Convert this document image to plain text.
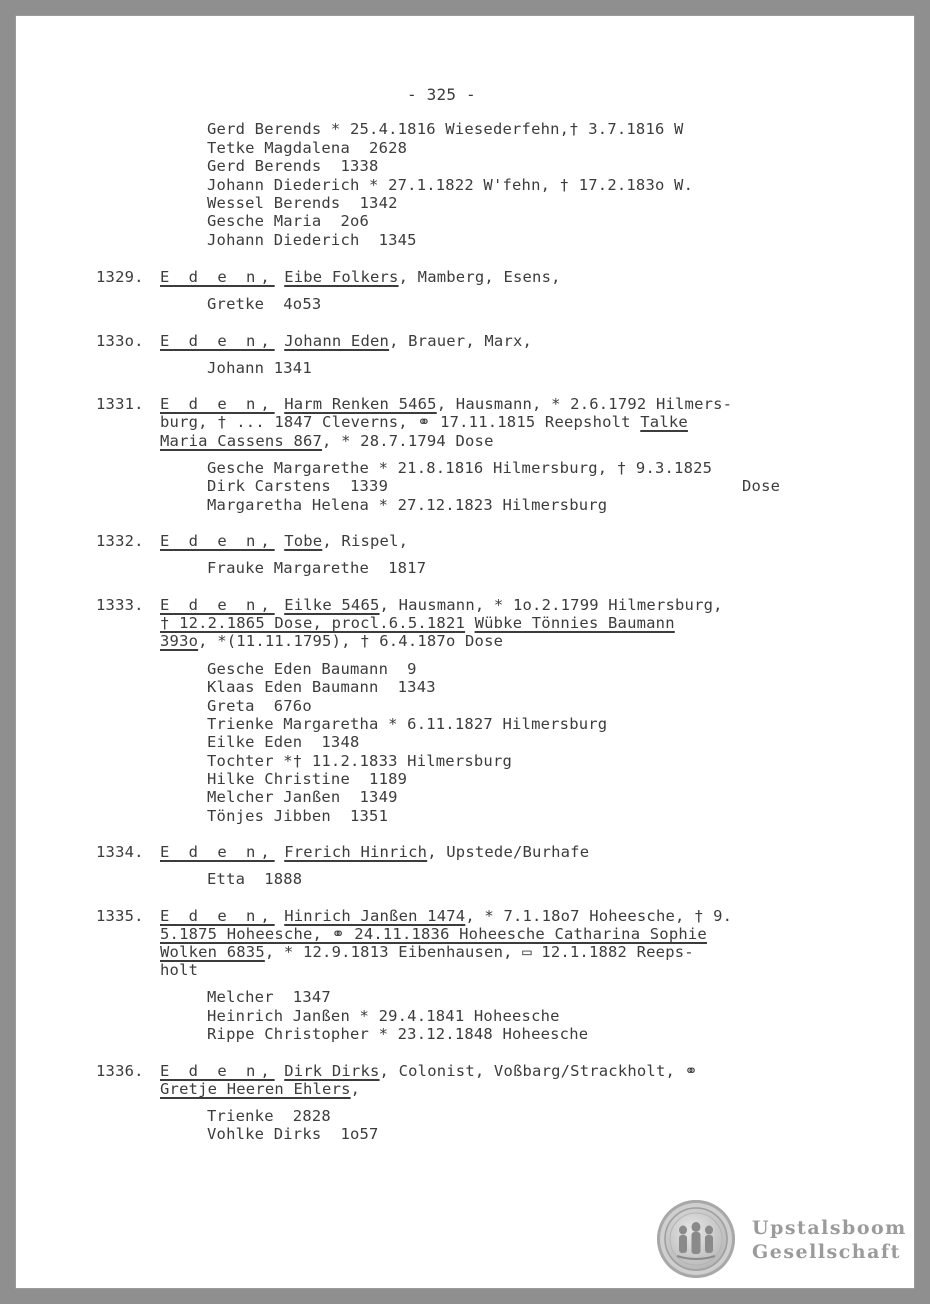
- 325 -
Gerd Berends * 25.4.1816 Wiesederfehn,† 3.7.1816 W
Tetke Magdalena  2628
Gerd Berends  1338
Johann Diederich * 27.1.1822 W'fehn, † 17.2.183o W.
Wessel Berends  1342
Gesche Maria  2o6
Johann Diederich  1345
1329. E d e n, Eibe Folkers, Mamberg, Esens,
Gretke  4o53
133o. E d e n, Johann Eden, Brauer, Marx,
Johann 1341
1331. E d e n, Harm Renken 5465, Hausmann, * 2.6.1792 Hilmers-
burg, † ... 1847 Cleverns, ⚭ 17.11.1815 Reepsholt Talke
Maria Cassens 867, * 28.7.1794 Dose
Gesche Margarethe * 21.8.1816 Hilmersburg, † 9.3.1825
Dirk Carstens  1339	Dose
Margaretha Helena * 27.12.1823 Hilmersburg
1332. E d e n, Tobe, Rispel,
Frauke Margarethe  1817
1333. E d e n, Eilke 5465, Hausmann, * 1o.2.1799 Hilmersburg,
† 12.2.1865 Dose, procl.6.5.1821 Wübke Tönnies Baumann
393o, *(11.11.1795), † 6.4.187o Dose
Gesche Eden Baumann  9
Klaas Eden Baumann  1343
Greta  676o
Trienke Margaretha * 6.11.1827 Hilmersburg
Eilke Eden  1348
Tochter *† 11.2.1833 Hilmersburg
Hilke Christine  1189
Melcher Janßen  1349
Tönjes Jibben  1351
1334. E d e n, Frerich Hinrich, Upstede/Burhafe
Etta  1888
1335. E d e n, Hinrich Janßen 1474, * 7.1.18o7 Hoheesche, † 9.
5.1875 Hoheesche, ⚭ 24.11.1836 Hoheesche Catharina Sophie
Wolken 6835, * 12.9.1813 Eibenhausen, ▭ 12.1.1882 Reeps-
holt
Melcher  1347
Heinrich Janßen * 29.4.1841 Hoheesche
Rippe Christopher * 23.12.1848 Hoheesche
1336. E d e n, Dirk Dirks, Colonist, Voßbarg/Strackholt, ⚭
Gretje Heeren Ehlers,
Trienke  2828
Vohlke Dirks  1o57
Upstalsboom
Gesellschaft
